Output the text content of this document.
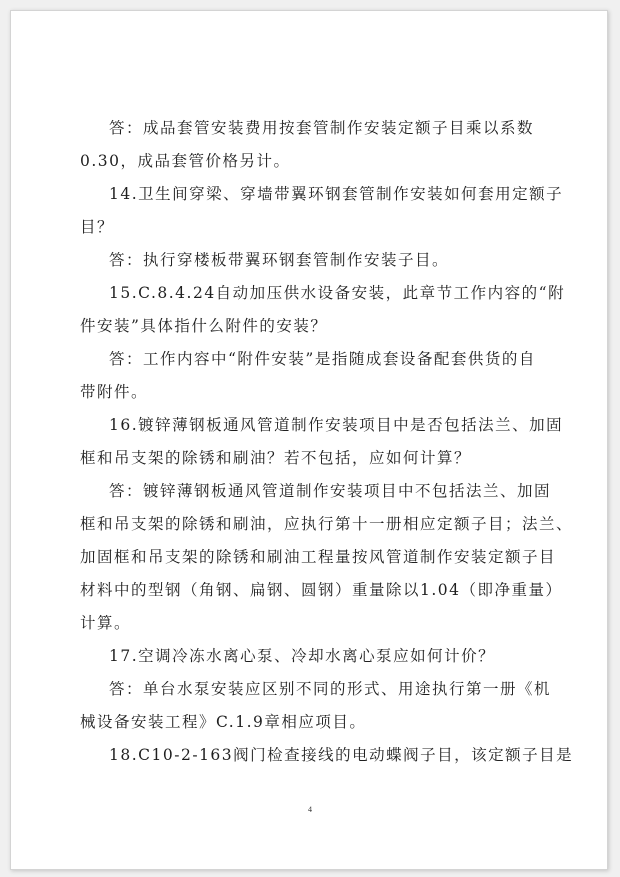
答：成品套管安装费用按套管制作安装定额子目乘以系数
0.30，成品套管价格另计。
14.卫生间穿梁、穿墙带翼环钢套管制作安装如何套用定额子
目？
答：执行穿楼板带翼环钢套管制作安装子目。
15.C.8.4.24自动加压供水设备安装，此章节工作内容的“附
件安装”具体指什么附件的安装？
答：工作内容中“附件安装”是指随成套设备配套供货的自
带附件。
16.镀锌薄钢板通风管道制作安装项目中是否包括法兰、加固
框和吊支架的除锈和刷油？若不包括，应如何计算？
答：镀锌薄钢板通风管道制作安装项目中不包括法兰、加固
框和吊支架的除锈和刷油，应执行第十一册相应定额子目；法兰、
加固框和吊支架的除锈和刷油工程量按风管道制作安装定额子目
材料中的型钢（角钢、扁钢、圆钢）重量除以1.04（即净重量）
计算。
17.空调冷冻水离心泵、冷却水离心泵应如何计价？
答：单台水泵安装应区别不同的形式、用途执行第一册《机
械设备安装工程》C.1.9章相应项目。
18.C10-2-163阀门检查接线的电动蝶阀子目，该定额子目是
4
